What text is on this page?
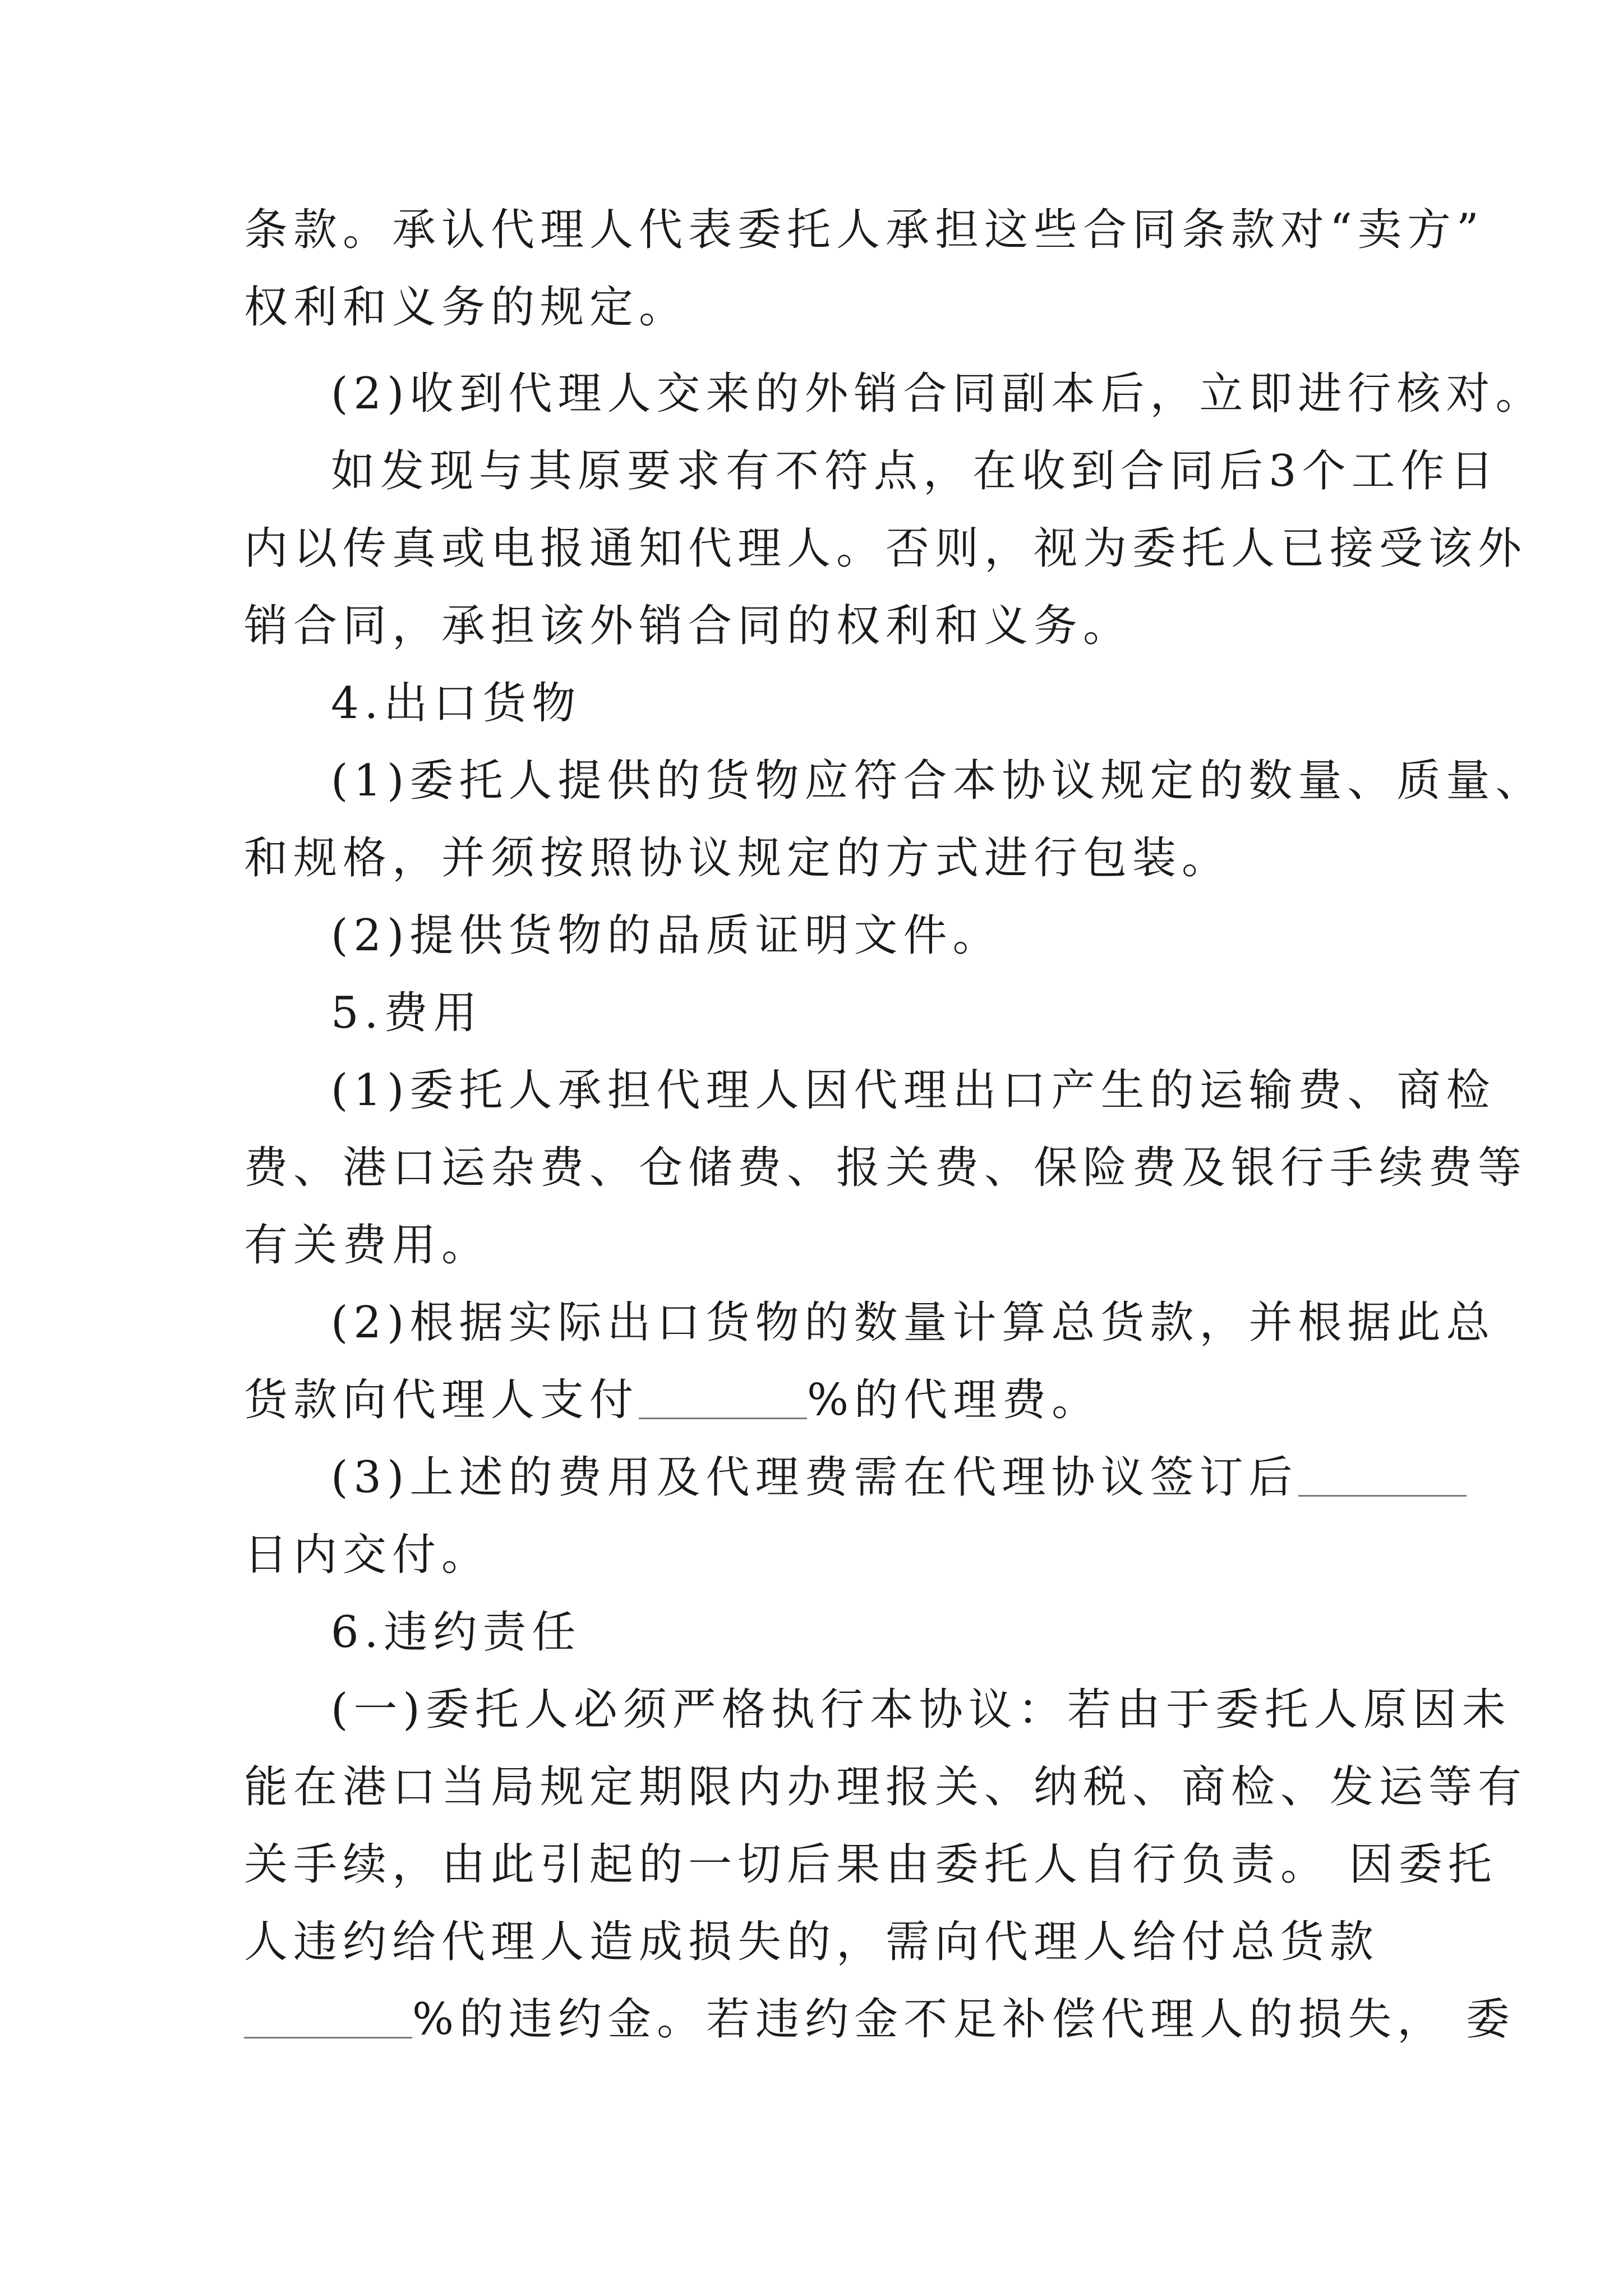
条款。承认代理人代表委托人承担这些合同条款对“卖方”
权利和义务的规定。
(2)收到代理人交来的外销合同副本后，立即进行核对。
如发现与其原要求有不符点，在收到合同后3个工作日
内以传真或电报通知代理人。否则，视为委托人已接受该外
销合同，承担该外销合同的权利和义务。
4.出口货物
(1)委托人提供的货物应符合本协议规定的数量、质量、
和规格，并须按照协议规定的方式进行包装。
(2)提供货物的品质证明文件。
5.费用
(1)委托人承担代理人因代理出口产生的运输费、商检
费、港口运杂费、仓储费、报关费、保险费及银行手续费等
有关费用。
(2)根据实际出口货物的数量计算总货款，并根据此总
货款向代理人支付	%的代理费。
(3)上述的费用及代理费需在代理协议签订后
日内交付。
6.违约责任
(一)委托人必须严格执行本协议：若由于委托人原因未
能在港口当局规定期限内办理报关、纳税、商检、发运等有
关手续，由此引起的一切后果由委托人自行负责。 因委托
人违约给代理人造成损失的，需向代理人给付总货款
%的违约金。若违约金不足补偿代理人的损失， 委
